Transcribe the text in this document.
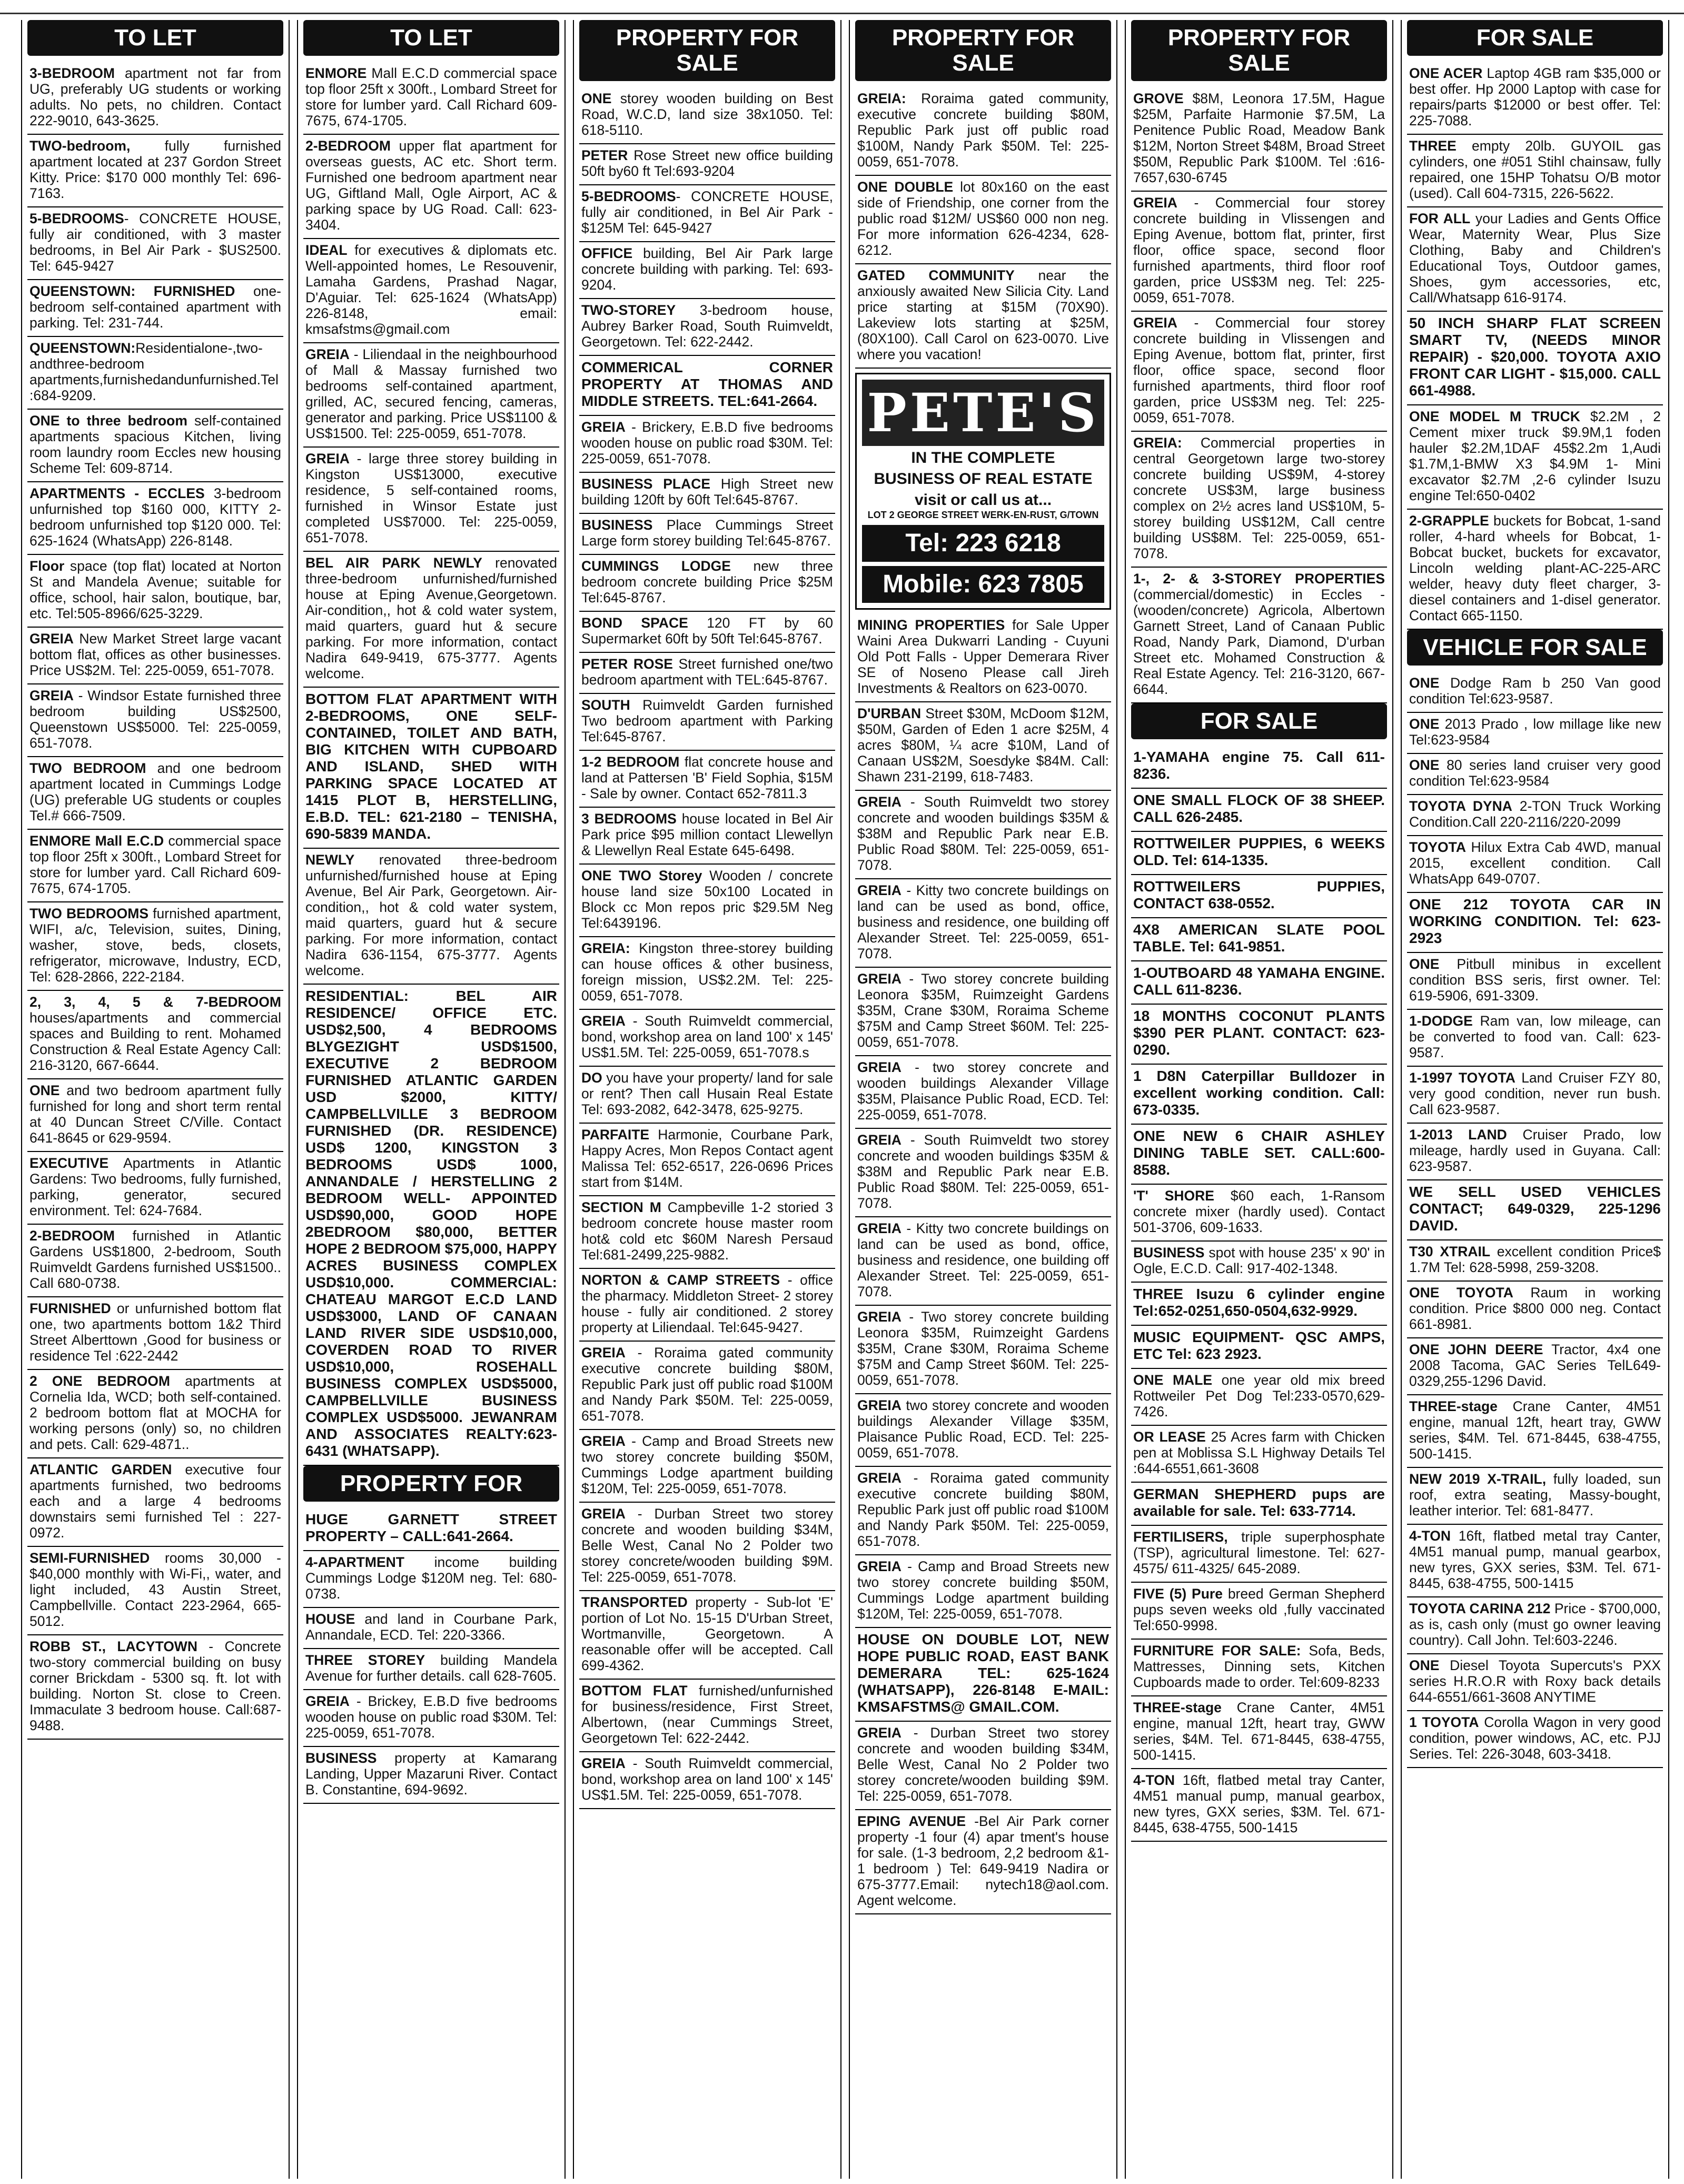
TO LET
3-BEDROOM apartment not far from UG, preferably UG students or working adults. No pets, no children. Contact 222-9010, 643-3625.
TWO-bedroom, fully furnished apartment located at 237 Gordon Street Kitty. Price: $170 000 monthly Tel: 696-7163.
5-BEDROOMS- CONCRETE HOUSE, fully air conditioned, with 3 master bedrooms, in Bel Air Park - $US2500. Tel: 645-9427
QUEENSTOWN: FURNISHED one-bedroom self-contained apartment with parking. Tel: 231-744.
QUEENSTOWN:Residentialone-,two-andthree-bedroom apartments,furnishedandunfurnished.Tel:684-9209.
ONE to three bedroom self-contained apartments spacious Kitchen, living room laundry room Eccles new housing Scheme Tel: 609-8714.
APARTMENTS - ECCLES 3-bedroom unfurnished top $160 000, KITTY 2-bedroom unfurnished top $120 000. Tel: 625-1624 (WhatsApp) 226-8148.
Floor space (top flat) located at Norton St and Mandela Avenue; suitable for office, school, hair salon, boutique, bar, etc. Tel:505-8966/625-3229.
GREIA New Market Street large vacant bottom flat, offices as other businesses. Price US$2M. Tel: 225-0059, 651-7078.
GREIA - Windsor Estate furnished three bedroom building US$2500, Queenstown US$5000. Tel: 225-0059, 651-7078.
TWO BEDROOM and one bedroom apartment located in Cummings Lodge (UG) preferable UG students or couples Tel.# 666-7509.
ENMORE Mall E.C.D commercial space top floor 25ft x 300ft., Lombard Street for store for lumber yard. Call Richard 609-7675, 674-1705.
TWO BEDROOMS furnished apartment, WIFI, a/c, Television, suites, Dining, washer, stove, beds, closets, refrigerator, microwave, Industry, ECD, Tel: 628-2866, 222-2184.
2, 3, 4, 5 & 7-BEDROOM houses/apartments and commercial spaces and Building to rent. Mohamed Construction & Real Estate Agency Call: 216-3120, 667-6644.
ONE and two bedroom apartment fully furnished for long and short term rental at 40 Duncan Street C/Ville. Contact 641-8645 or 629-9594.
EXECUTIVE Apartments in Atlantic Gardens: Two bedrooms, fully furnished, parking, generator, secured environment. Tel: 624-7684.
2-BEDROOM furnished in Atlantic Gardens US$1800, 2-bedroom, South Ruimveldt Gardens furnished US$1500.. Call 680-0738.
FURNISHED or unfurnished bottom flat one, two apartments bottom 1&2 Third Street Alberttown ,Good for business or residence Tel :622-2442
2 ONE BEDROOM apartments at Cornelia Ida, WCD; both self-contained. 2 bedroom bottom flat at MOCHA for working persons (only) so, no children and pets. Call: 629-4871..
ATLANTIC GARDEN executive four apartments furnished, two bedrooms each and a large 4 bedrooms downstairs semi furnished Tel : 227-0972.
SEMI-FURNISHED rooms 30,000 - $40,000 monthly with Wi-Fi,, water, and light included, 43 Austin Street, Campbellville. Contact 223-2964, 665-5012.
ROBB ST., LACYTOWN - Concrete two-story commercial building on busy corner Brickdam - 5300 sq. ft. lot with building. Norton St. close to Creen. Immaculate 3 bedroom house. Call:687-9488.
TO LET
ENMORE Mall E.C.D commercial space top floor 25ft x 300ft., Lombard Street for store for lumber yard. Call Richard 609-7675, 674-1705.
2-BEDROOM upper flat apartment for overseas guests, AC etc. Short term. Furnished one bedroom apartment near UG, Giftland Mall, Ogle Airport, AC & parking space by UG Road. Call: 623-3404.
IDEAL for executives & diplomats etc. Well-appointed homes, Le Resouvenir, Lamaha Gardens, Prashad Nagar, D'Aguiar. Tel: 625-1624 (WhatsApp) 226-8148, email: kmsafstms@gmail.com
GREIA - Liliendaal in the neighbourhood of Mall & Massay furnished two bedrooms self-contained apartment, grilled, AC, secured fencing, cameras, generator and parking. Price US$1100 & US$1500. Tel: 225-0059, 651-7078.
GREIA - large three storey building in Kingston US$13000, executive residence, 5 self-contained rooms, furnished in Winsor Estate just completed US$7000. Tel: 225-0059, 651-7078.
BEL AIR PARK NEWLY renovated three-bedroom unfurnished/furnished house at Eping Avenue,Georgetown. Air-condition,, hot & cold water system, maid quarters, guard hut & secure parking. For more information, contact Nadira 649-9419, 675-3777. Agents welcome.
BOTTOM FLAT APARTMENT WITH 2-BEDROOMS, ONE SELF-CONTAINED, TOILET AND BATH, BIG KITCHEN WITH CUPBOARD AND ISLAND, SHED WITH PARKING SPACE LOCATED AT 1415 PLOT B, HERSTELLING, E.B.D. TEL: 621-2180 – TENISHA, 690-5839 MANDA.
NEWLY renovated three-bedroom unfurnished/furnished house at Eping Avenue, Bel Air Park, Georgetown. Air-condition,, hot & cold water system, maid quarters, guard hut & secure parking. For more information, contact Nadira 636-1154, 675-3777. Agents welcome.
RESIDENTIAL: BEL AIR RESIDENCE/ OFFICE ETC. USD$2,500, 4 BEDROOMS BLYGEZIGHT USD$1500, EXECUTIVE 2 BEDROOM FURNISHED ATLANTIC GARDEN USD $2000, KITTY/ CAMPBELLVILLE 3 BEDROOM FURNISHED (DR. RESIDENCE) USD$ 1200, KINGSTON 3 BEDROOMS USD$ 1000, ANNANDALE / HERSTELLING 2 BEDROOM WELL- APPOINTED USD$90,000, GOOD HOPE 2BEDROOM $80,000, BETTER HOPE 2 BEDROOM $75,000, HAPPY ACRES BUSINESS COMPLEX USD$10,000. COMMERCIAL: CHATEAU MARGOT E.C.D LAND USD$3000, LAND OF CANAAN LAND RIVER SIDE USD$10,000, COVERDEN ROAD TO RIVER USD$10,000, ROSEHALL BUSINESS COMPLEX USD$5000, CAMPBELLVILLE BUSINESS COMPLEX USD$5000. JEWANRAM AND ASSOCIATES REALTY:623-6431 (WHATSAPP).
PROPERTY FOR
HUGE GARNETT STREET PROPERTY – CALL:641-2664.
4-APARTMENT income building Cummings Lodge $120M neg. Tel: 680-0738.
HOUSE and land in Courbane Park, Annandale, ECD. Tel: 220-3366.
THREE STOREY building Mandela Avenue for further details. call 628-7605.
GREIA - Brickey, E.B.D five bedrooms wooden house on public road $30M. Tel: 225-0059, 651-7078.
BUSINESS property at Kamarang Landing, Upper Mazaruni River. Contact B. Constantine, 694-9692.
PROPERTY FOR SALE
ONE storey wooden building on Best Road, W.C.D, land size 38x1050. Tel: 618-5110.
PETER Rose Street new office building 50ft by60 ft Tel:693-9204
5-BEDROOMS- CONCRETE HOUSE, fully air conditioned, in Bel Air Park - $125M Tel: 645-9427
OFFICE building, Bel Air Park large concrete building with parking. Tel: 693-9204.
TWO-STOREY 3-bedroom house, Aubrey Barker Road, South Ruimveldt, Georgetown. Tel: 622-2442.
COMMERICAL CORNER PROPERTY AT THOMAS AND MIDDLE STREETS. TEL:641-2664.
GREIA - Brickery, E.B.D five bedrooms wooden house on public road $30M. Tel: 225-0059, 651-7078.
BUSINESS PLACE High Street new building 120ft by 60ft Tel:645-8767.
BUSINESS Place Cummings Street Large form storey building Tel:645-8767.
CUMMINGS LODGE new three bedroom concrete building Price $25M Tel:645-8767.
BOND SPACE 120 FT by 60 Supermarket 60ft by 50ft Tel:645-8767.
PETER ROSE Street furnished one/two bedroom apartment with TEL:645-8767.
SOUTH Ruimveldt Garden furnished Two bedroom apartment with Parking Tel:645-8767.
1-2 BEDROOM flat concrete house and land at Pattersen 'B' Field Sophia, $15M - Sale by owner. Contact 652-7811.3
3 BEDROOMS house located in Bel Air Park price $95 million contact Llewellyn & Llewellyn Real Estate 645-6498.
ONE TWO Storey Wooden / concrete house land size 50x100 Located in Block cc Mon repos pric $29.5M Neg Tel:6439196.
GREIA: Kingston three-storey building can house offices & other business, foreign mission, US$2.2M. Tel: 225-0059, 651-7078.
GREIA - South Ruimveldt commercial, bond, workshop area on land 100' x 145' US$1.5M. Tel: 225-0059, 651-7078.s
DO you have your property/ land for sale or rent? Then call Husain Real Estate Tel: 693-2082, 642-3478, 625-9275.
PARFAITE Harmonie, Courbane Park, Happy Acres, Mon Repos Contact agent Malissa Tel: 652-6517, 226-0696 Prices start from $14M.
SECTION M Campbeville 1-2 storied 3 bedroom concrete house master room hot& cold etc $60M Naresh Persaud Tel:681-2499,225-9882.
NORTON & CAMP STREETS - office the pharmacy. Middleton Street- 2 storey house - fully air conditioned. 2 storey property at Liliendaal. Tel:645-9427.
GREIA - Roraima gated community executive concrete building $80M, Republic Park just off public road $100M and Nandy Park $50M. Tel: 225-0059, 651-7078.
GREIA - Camp and Broad Streets new two storey concrete building $50M, Cummings Lodge apartment building $120M, Tel: 225-0059, 651-7078.
GREIA - Durban Street two storey concrete and wooden building $34M, Belle West, Canal No 2 Polder two storey concrete/wooden building $9M. Tel: 225-0059, 651-7078.
TRANSPORTED property - Sub-lot 'E' portion of Lot No. 15-15 D'Urban Street, Wortmanville, Georgetown. A reasonable offer will be accepted. Call 699-4362.
BOTTOM FLAT furnished/unfurnished for business/residence, First Street, Albertown, (near Cummings Street, Georgetown Tel: 622-2442.
GREIA - South Ruimveldt commercial, bond, workshop area on land 100' x 145' US$1.5M. Tel: 225-0059, 651-7078.
PROPERTY FOR SALE
GREIA: Roraima gated community, executive concrete building $80M, Republic Park just off public road $100M, Nandy Park $50M. Tel: 225-0059, 651-7078.
ONE DOUBLE lot 80x160 on the east side of Friendship, one corner from the public road $12M/ US$60 000 non neg. For more information 626-4234, 628-6212.
GATED COMMUNITY near the anxiously awaited New Silicia City. Land price starting at $15M (70X90). Lakeview lots starting at $25M, (80X100). Call Carol on 623-0070. Live where you vacation!
PETE'S
IN THE COMPLETE
BUSINESS OF REAL ESTATE
visit or call us at...
LOT 2 GEORGE STREET WERK-EN-RUST, G/TOWN
Tel: 223 6218
Mobile: 623 7805
MINING PROPERTIES for Sale Upper Waini Area Dukwarri Landing - Cuyuni Old Pott Falls - Upper Demerara River SE of Noseno Please call Jireh Investments & Realtors on 623-0070.
D'URBAN Street $30M, McDoom $12M, $50M, Garden of Eden 1 acre $25M, 4 acres $80M, ¼ acre $10M, Land of Canaan US$2M, Soesdyke $84M. Call: Shawn 231-2199, 618-7483.
GREIA - South Ruimveldt two storey concrete and wooden buildings $35M & $38M and Republic Park near E.B. Public Road $80M. Tel: 225-0059, 651-7078.
GREIA - Kitty two concrete buildings on land can be used as bond, office, business and residence, one building off Alexander Street. Tel: 225-0059, 651-7078.
GREIA - Two storey concrete building Leonora $35M, Ruimzeight Gardens $35M, Crane $30M, Roraima Scheme $75M and Camp Street $60M. Tel: 225-0059, 651-7078.
GREIA - two storey concrete and wooden buildings Alexander Village $35M, Plaisance Public Road, ECD. Tel: 225-0059, 651-7078.
GREIA - South Ruimveldt two storey concrete and wooden buildings $35M & $38M and Republic Park near E.B. Public Road $80M. Tel: 225-0059, 651-7078.
GREIA - Kitty two concrete buildings on land can be used as bond, office, business and residence, one building off Alexander Street. Tel: 225-0059, 651-7078.
GREIA - Two storey concrete building Leonora $35M, Ruimzeight Gardens $35M, Crane $30M, Roraima Scheme $75M and Camp Street $60M. Tel: 225-0059, 651-7078.
GREIA two storey concrete and wooden buildings Alexander Village $35M, Plaisance Public Road, ECD. Tel: 225-0059, 651-7078.
GREIA - Roraima gated community executive concrete building $80M, Republic Park just off public road $100M and Nandy Park $50M. Tel: 225-0059, 651-7078.
GREIA - Camp and Broad Streets new two storey concrete building $50M, Cummings Lodge apartment building $120M, Tel: 225-0059, 651-7078.
HOUSE ON DOUBLE LOT, NEW HOPE PUBLIC ROAD, EAST BANK DEMERARA TEL: 625-1624 (WHATSAPP), 226-8148 E-MAIL: KMSAFSTMS@ GMAIL.COM.
GREIA - Durban Street two storey concrete and wooden building $34M, Belle West, Canal No 2 Polder two storey concrete/wooden building $9M. Tel: 225-0059, 651-7078.
EPING AVENUE -Bel Air Park corner property -1 four (4) apar tment's house for sale. (1-3 bedroom, 2,2 bedroom &1-1 bedroom ) Tel: 649-9419 Nadira or 675-3777.Email: nytech18@aol.com. Agent welcome.
PROPERTY FOR SALE
GROVE $8M, Leonora 17.5M, Hague $25M, Parfaite Harmonie $7.5M, La Penitence Public Road, Meadow Bank $12M, Norton Street $48M, Broad Street $50M, Republic Park $100M. Tel :616-7657,630-6745
GREIA - Commercial four storey concrete building in Vlissengen and Eping Avenue, bottom flat, printer, first floor, office space, second floor furnished apartments, third floor roof garden, price US$3M neg. Tel: 225-0059, 651-7078.
GREIA - Commercial four storey concrete building in Vlissengen and Eping Avenue, bottom flat, printer, first floor, office space, second floor furnished apartments, third floor roof garden, price US$3M neg. Tel: 225-0059, 651-7078.
GREIA: Commercial properties in central Georgetown large two-storey concrete building US$9M, 4-storey concrete US$3M, large business complex on 2½ acres land US$10M, 5-storey building US$12M, Call centre building US$8M. Tel: 225-0059, 651-7078.
1-, 2- & 3-STOREY PROPERTIES (commercial/domestic) in Eccles - (wooden/concrete) Agricola, Albertown Garnett Street, Land of Canaan Public Road, Nandy Park, Diamond, D'urban Street etc. Mohamed Construction & Real Estate Agency. Tel: 216-3120, 667-6644.
FOR SALE
1-YAMAHA engine 75. Call 611-8236.
ONE SMALL FLOCK OF 38 SHEEP. CALL 626-2485.
ROTTWEILER PUPPIES, 6 WEEKS OLD. Tel: 614-1335.
ROTTWEILERS PUPPIES, CONTACT 638-0552.
4X8 AMERICAN SLATE POOL TABLE. Tel: 641-9851.
1-OUTBOARD 48 YAMAHA ENGINE. CALL 611-8236.
18 MONTHS COCONUT PLANTS $390 PER PLANT. CONTACT: 623-0290.
1 D8N Caterpillar Bulldozer in excellent working condition. Call: 673-0335.
ONE NEW 6 CHAIR ASHLEY DINING TABLE SET. CALL:600-8588.
'T' SHORE $60 each, 1-Ransom concrete mixer (hardly used). Contact 501-3706, 609-1633.
BUSINESS spot with house 235' x 90' in Ogle, E.C.D. Call: 917-402-1348.
THREE Isuzu 6 cylinder engine Tel:652-0251,650-0504,632-9929.
MUSIC EQUIPMENT- QSC AMPS, ETC Tel: 623 2923.
ONE MALE one year old mix breed Rottweiler Pet Dog Tel:233-0570,629-7426.
OR LEASE 25 Acres farm with Chicken pen at Moblissa S.L Highway Details Tel :644-6551,661-3608
GERMAN SHEPHERD pups are available for sale. Tel: 633-7714.
FERTILISERS, triple superphosphate (TSP), agricultural limestone. Tel: 627-4575/ 611-4325/ 645-2089.
FIVE (5) Pure breed German Shepherd pups seven weeks old ,fully vaccinated Tel:650-9998.
FURNITURE FOR SALE: Sofa, Beds, Mattresses, Dinning sets, Kitchen Cupboards made to order. Tel:609-8233
THREE-stage Crane Canter, 4M51 engine, manual 12ft, heart tray, GWW series, $4M. Tel. 671-8445, 638-4755, 500-1415.
4-TON 16ft, flatbed metal tray Canter, 4M51 manual pump, manual gearbox, new tyres, GXX series, $3M. Tel. 671-8445, 638-4755, 500-1415
FOR SALE
ONE ACER Laptop 4GB ram $35,000 or best offer. Hp 2000 Laptop with case for repairs/parts $12000 or best offer. Tel: 225-7088.
THREE empty 20lb. GUYOIL gas cylinders, one #051 Stihl chainsaw, fully repaired, one 15HP Tohatsu O/B motor (used). Call 604-7315, 226-5622.
FOR ALL your Ladies and Gents Office Wear, Maternity Wear, Plus Size Clothing, Baby and Children's Educational Toys, Outdoor games, Shoes, gym accessories, etc, Call/Whatsapp 616-9174.
50 INCH SHARP FLAT SCREEN SMART TV, (NEEDS MINOR REPAIR) - $20,000. TOYOTA AXIO FRONT CAR LIGHT - $15,000. CALL 661-4988.
ONE MODEL M TRUCK $2.2M , 2 Cement mixer truck $9.9M,1 foden hauler $2.2M,1DAF 45$2.2m 1,Audi $1.7M,1-BMW X3 $4.9M 1- Mini excavator $2.7M ,2-6 cylinder Isuzu engine Tel:650-0402
2-GRAPPLE buckets for Bobcat, 1-sand roller, 4-hard wheels for Bobcat, 1-Bobcat bucket, buckets for excavator, Lincoln welding plant-AC-225-ARC welder, heavy duty fleet charger, 3-diesel containers and 1-disel generator. Contact 665-1150.
VEHICLE FOR SALE
ONE Dodge Ram b 250 Van good condition Tel:623-9587.
ONE 2013 Prado , low millage like new Tel:623-9584
ONE 80 series land cruiser very good condition Tel:623-9584
TOYOTA DYNA 2-TON Truck Working Condition.Call 220-2116/220-2099
TOYOTA Hilux Extra Cab 4WD, manual 2015, excellent condition. Call WhatsApp 649-0707.
ONE 212 TOYOTA CAR IN WORKING CONDITION. Tel: 623-2923
ONE Pitbull minibus in excellent condition BSS seris, first owner. Tel: 619-5906, 691-3309.
1-DODGE Ram van, low mileage, can be converted to food van. Call: 623-9587.
1-1997 TOYOTA Land Cruiser FZY 80, very good condition, never run bush. Call 623-9587.
1-2013 LAND Cruiser Prado, low mileage, hardly used in Guyana. Call: 623-9587.
WE SELL USED VEHICLES CONTACT; 649-0329, 225-1296 DAVID.
T30 XTRAIL excellent condition Price$ 1.7M Tel: 628-5998, 259-3208.
ONE TOYOTA Raum in working condition. Price $800 000 neg. Contact 661-8981.
ONE JOHN DEERE Tractor, 4x4 one 2008 Tacoma, GAC Series TelL649-0329,255-1296 David.
THREE-stage Crane Canter, 4M51 engine, manual 12ft, heart tray, GWW series, $4M. Tel. 671-8445, 638-4755, 500-1415.
NEW 2019 X-TRAIL, fully loaded, sun roof, extra seating, Massy-bought, leather interior. Tel: 681-8477.
4-TON 16ft, flatbed metal tray Canter, 4M51 manual pump, manual gearbox, new tyres, GXX series, $3M. Tel. 671-8445, 638-4755, 500-1415
TOYOTA CARINA 212 Price - $700,000, as is, cash only (must go owner leaving country). Call John. Tel:603-2246.
ONE Diesel Toyota Supercuts's PXX series H.R.O.R with Roxy back details 644-6551/661-3608 ANYTIME
1 TOYOTA Corolla Wagon in very good condition, power windows, AC, etc. PJJ Series. Tel: 226-3048, 603-3418.
